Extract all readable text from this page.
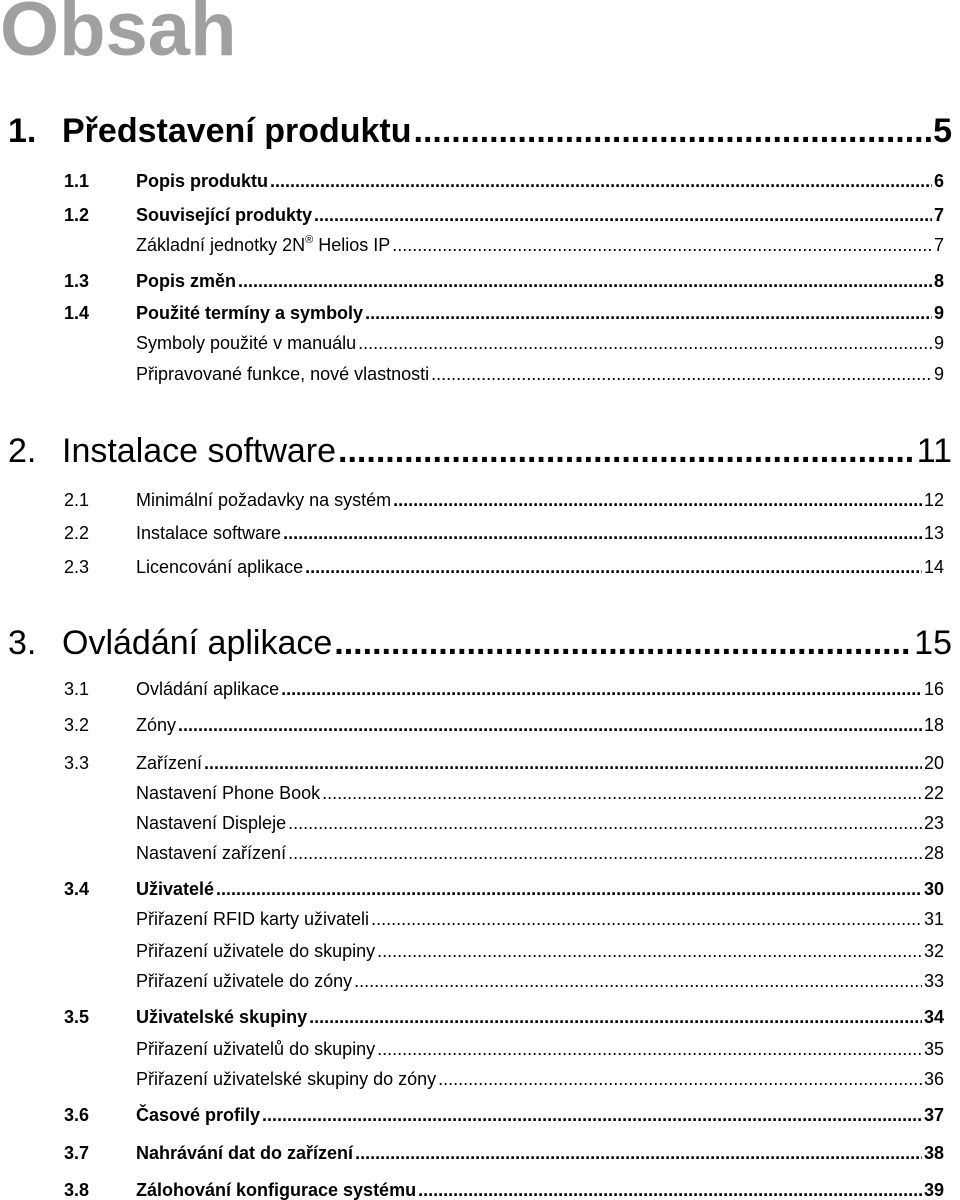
Obsah
1. Představení produktu .....	5
1.1	Popis produktu .....	6
1.2	Související produkty .....	7
Základní jednotky 2N® Helios IP .....	7
1.3	Popis změn .....	8
1.4	Použité termíny a symboly .....	9
Symboly použité v manuálu .....	9
Připravované funkce, nové vlastnosti .....	9
2. Instalace software .....	11
2.1	Minimální požadavky na systém .....	12
2.2	Instalace software .....	13
2.3	Licencování aplikace .....	14
3. Ovládání aplikace .....	15
3.1	Ovládání aplikace .....	16
3.2	Zóny .....	18
3.3	Zařízení .....	20
Nastavení Phone Book .....	22
Nastavení Displeje .....	23
Nastavení zařízení .....	28
3.4	Uživatelé .....	30
Přiřazení RFID karty uživateli .....	31
Přiřazení uživatele do skupiny .....	32
Přiřazení uživatele do zóny .....	33
3.5	Uživatelské skupiny .....	34
Přiřazení uživatelů do skupiny .....	35
Přiřazení uživatelské skupiny do zóny .....	36
3.6	Časové profily .....	37
3.7	Nahrávání dat do zařízení .....	38
3.8	Zálohování konfigurace systému .....	39
